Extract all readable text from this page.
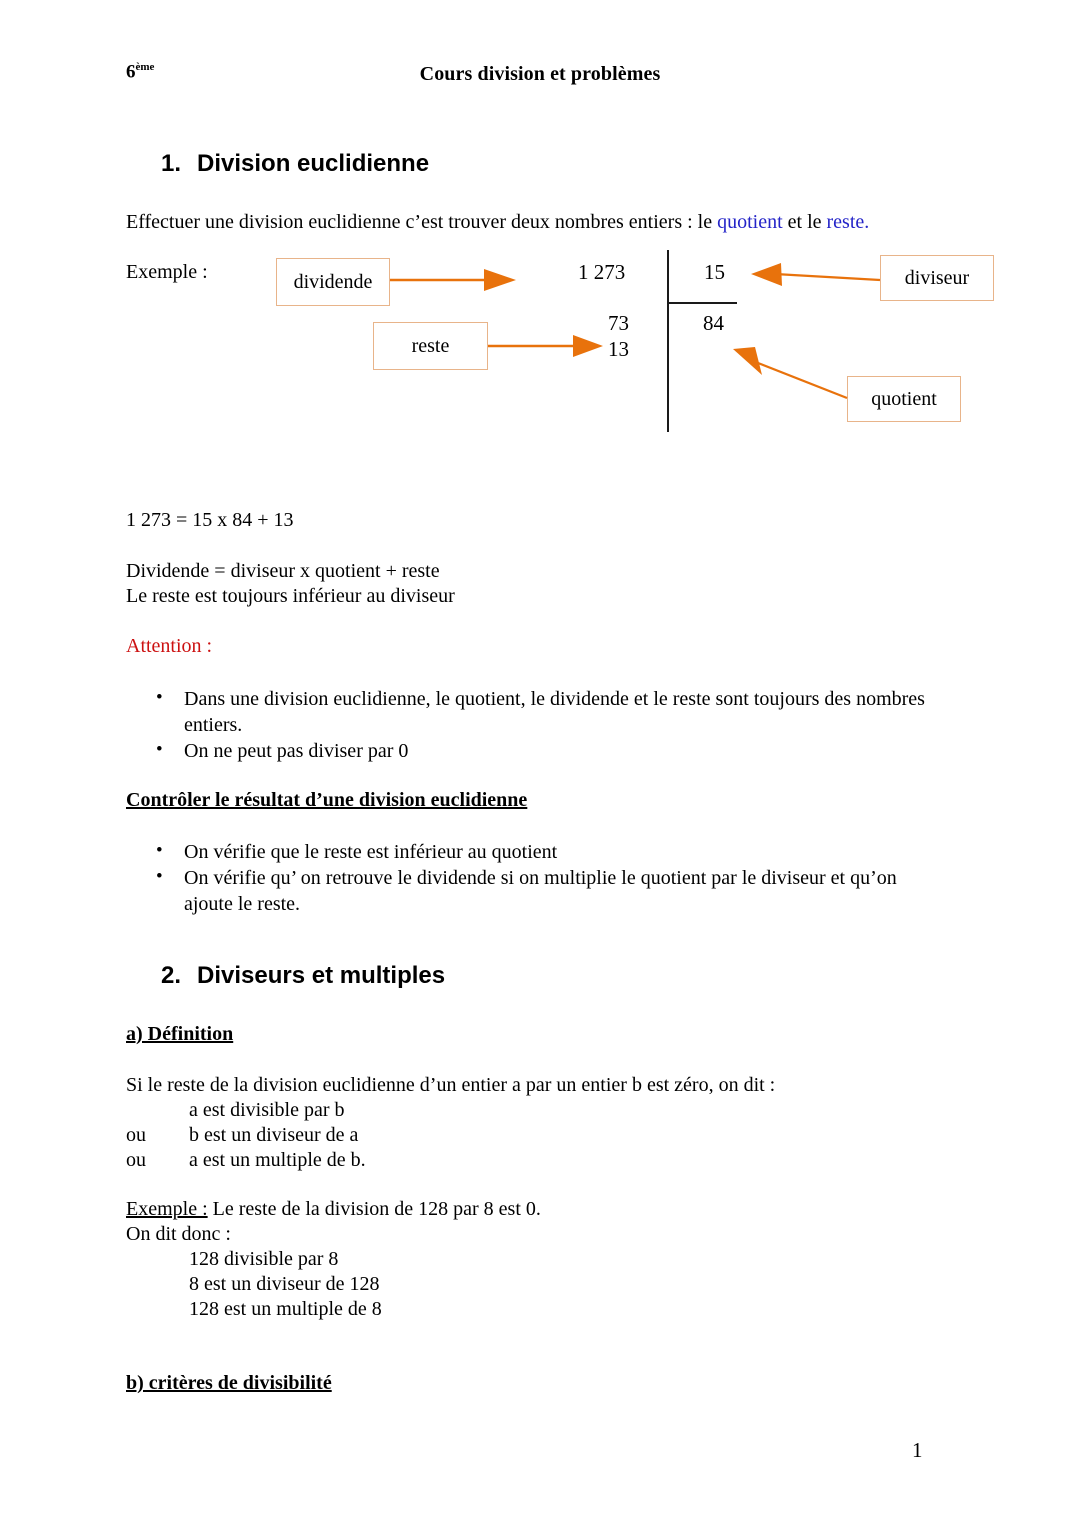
6ème	Cours division et problèmes
1. Division euclidienne
Effectuer une division euclidienne c’est trouver deux nombres entiers : le quotient et le reste.
Exemple :	dividende
reste
diviseur
quotient
1 273	15
73
13
84
1 273 = 15 x 84 + 13
Dividende = diviseur x quotient + reste
Le reste est toujours inférieur au diviseur
Attention :
• Dans une division euclidienne, le quotient, le dividende et le reste sont toujours des nombres entiers.
• On ne peut pas diviser par 0
Contrôler le résultat d’une division euclidienne
• On vérifie que le reste est inférieur au quotient
• On vérifie qu’ on retrouve le dividende si on multiplie le quotient par le diviseur et qu’on ajoute le reste.
2. Diviseurs et multiples
a) Définition
Si le reste de la division euclidienne d’un entier a par un entier b est zéro, on dit :
a est divisible par b
ou b est un diviseur de a
ou a est un multiple de b.
Exemple : Le reste de la division de 128 par 8 est 0.
On dit donc :
128 divisible par 8
8 est un diviseur de 128
128 est un multiple de 8
b) critères de divisibilité
1
